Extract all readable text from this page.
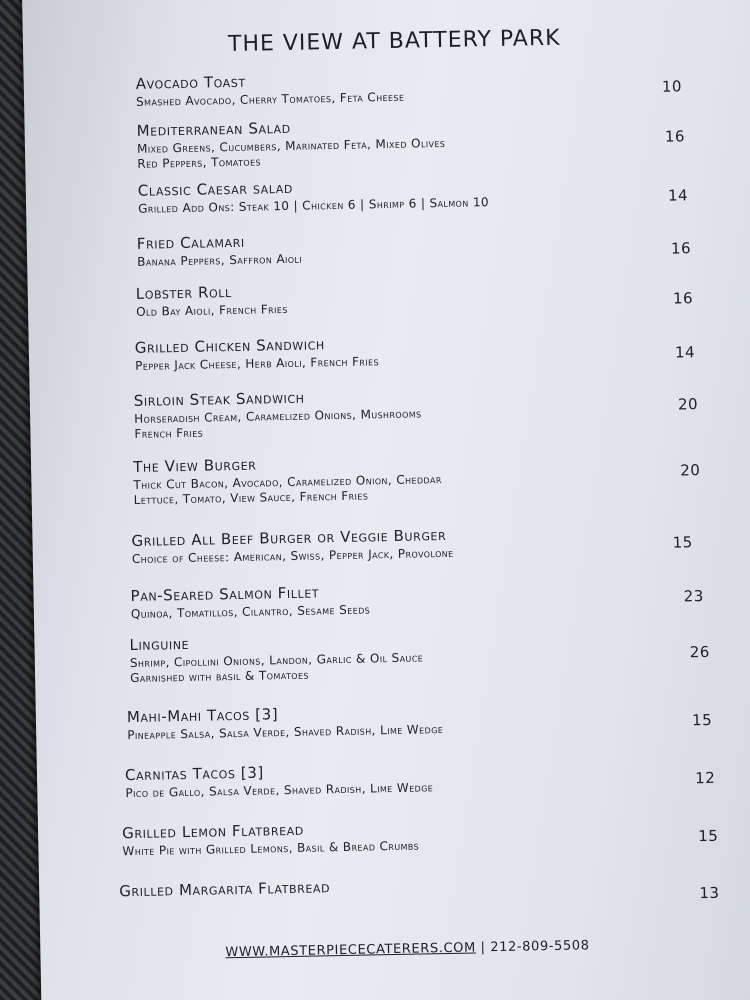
THE VIEW AT BATTERY PARK
Avocado Toast
Smashed Avocado, Cherry Tomatoes, Feta Cheese
10
Mediterranean Salad
Mixed Greens, Cucumbers, Marinated Feta, Mixed Olives
Red Peppers, Tomatoes
16
Classic Caesar salad
Grilled Add Ons: Steak 10 | Chicken 6 | Shrimp 6 | Salmon 10	14
Fried Calamari
Banana Peppers, Saffron Aioli
16
Lobster Roll
Old Bay Aioli, French Fries
16
Grilled Chicken Sandwich
Pepper Jack Cheese, Herb Aioli, French Fries
14
Sirloin Steak Sandwich
Horseradish Cream, Caramelized Onions, Mushrooms
French Fries
20
The View Burger
Thick Cut Bacon, Avocado, Caramelized Onion, Cheddar
Lettuce, Tomato, View Sauce, French Fries
20
Grilled All Beef Burger or Veggie Burger
Choice of Cheese: American, Swiss, Pepper Jack, Provolone
15
Pan-Seared Salmon Fillet
Quinoa, Tomatillos, Cilantro, Sesame Seeds
23
Linguine
Shrimp, Cipollini Onions, Landon, Garlic & Oil Sauce
Garnished with basil & Tomatoes
26
Mahi-Mahi Tacos [3]
Pineapple Salsa, Salsa Verde, Shaved Radish, Lime Wedge
15
Carnitas Tacos [3]
Pico de Gallo, Salsa Verde, Shaved Radish, Lime Wedge
12
Grilled Lemon Flatbread
White Pie with Grilled Lemons, Basil & Bread Crumbs
15
Grilled Margarita Flatbread	13
WWW.MASTERPIECECATERERS.COM | 212-809-5508
